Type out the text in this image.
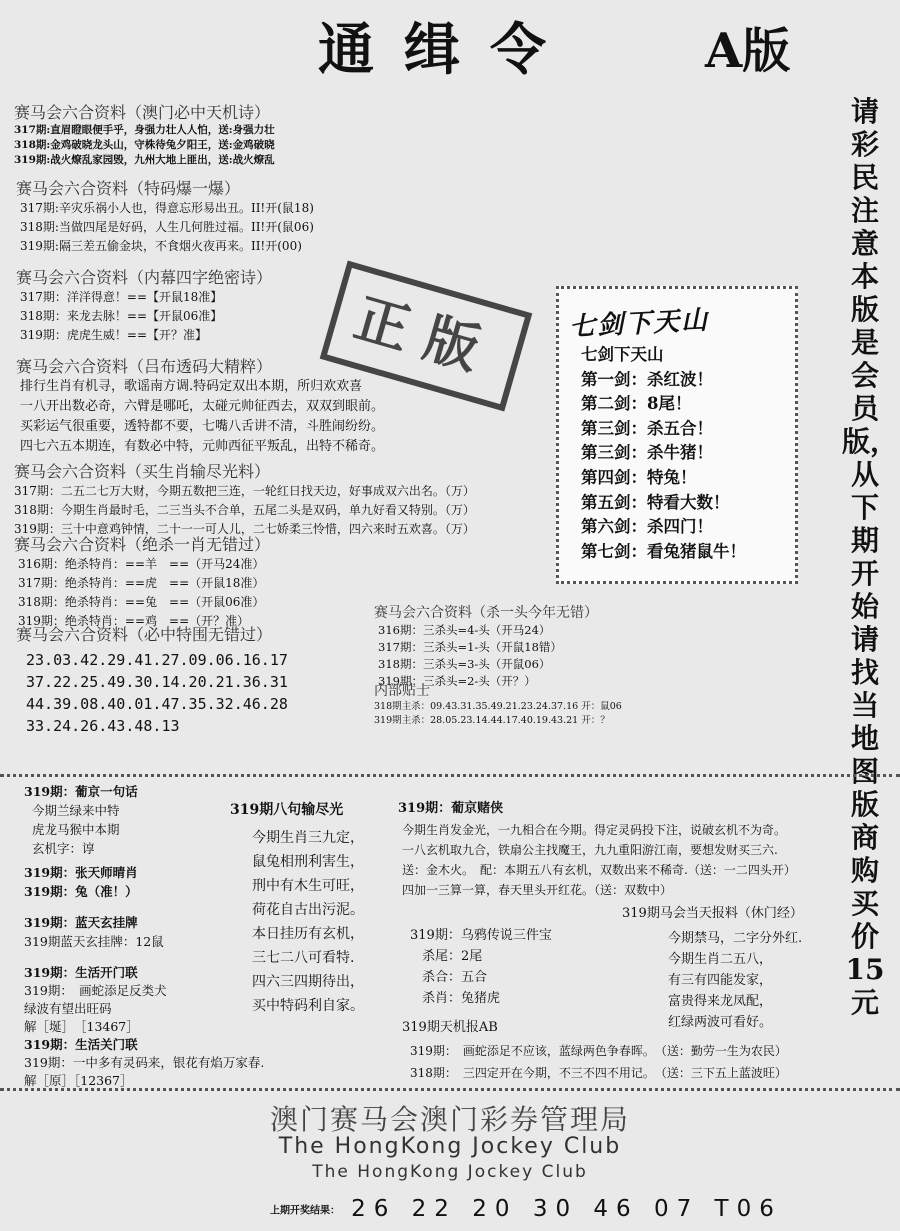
通缉令	A版
请彩民注意本版是会员版，从下期开始请找当地图版商购买价15元
赛马会六合资料（澳门必中天机诗）
317期:直眉瞪眼便手乎，身强力壮人人怕，送:身强力壮
318期:金鸡破晓龙头山，守株待兔夕阳王，送:金鸡破晓
319期:战火燎乱家园毁，九州大地上匪出，送:战火燎乱
赛马会六合资料（特码爆一爆）
317期:辛灾乐祸小人也，得意忘形易出丑。II!开(鼠18)
318期:当做四尾是好码，人生几何胜过福。II!开(鼠06)
319期:隔三差五偷金块，不食烟火夜再来。II!开(00)
赛马会六合资料（内幕四字绝密诗）
317期：洋洋得意！==【开鼠18准】
318期：来龙去脉！==【开鼠06准】
319期：虎虎生威！==【开？准】	正版
赛马会六合资料（吕布透码大精粹）
排行生肖有机寻，歌谣南方调.特码定双出本期，所归欢欢喜
一八开出数必奇，六臂是哪吒，太碰元帅征西去，双双到眼前。
买彩运气很重要，透特都不要，七嘴八舌讲不清，斗胜闹纷纷。
四七六五本期连，有数必中特，元帅西征平叛乱，出特不稀奇。
赛马会六合资料（买生肖输尽光料）
317期：二五二七万大财，今期五数把三连，一轮红日找天边，好事成双六出名。（万）
318期：今期生肖最时毛，二三当头不合单，五尾二头是双码，单九好看又特别。（万）
319期：三十中意鸡钟情，二十一一可人儿，二七娇柔三怜惜，四六来时五欢喜。（万）
赛马会六合资料（绝杀一肖无错过）
316期：绝杀特肖：==羊　==（开马24准）
317期：绝杀特肖：==虎　==（开鼠18准）
318期：绝杀特肖：==兔　==（开鼠06准）
319期：绝杀特肖：==鸡　==（开？准）
赛马会六合资料（必中特围无错过）
23.03.42.29.41.27.09.06.16.17
37.22.25.49.30.14.20.21.36.31
44.39.08.40.01.47.35.32.46.28
33.24.26.43.48.13
七剑下天山
七剑下天山
第一剑：杀红波！
第二剑：8尾！
第三剑：杀五合！
第三剑：杀牛猪！
第四剑：特兔！
第五剑：特看大数！
第六剑：杀四门！
第七剑：看兔猪鼠牛！
赛马会六合资料（杀一头今年无错）
316期：三杀头=4-头（开马24）
317期：三杀头=1-头（开鼠18错）
318期：三杀头=3-头（开鼠06）
319期：三杀头=2-头（开？）
内部贴士
318期主杀：09.43.31.35.49.21.23.24.37.16 开：鼠06
319期主杀：28.05.23.14.44.17.40.19.43.21 开：？
319期：葡京一句话
今期兰绿来中特
虎龙马猴中本期
玄机字：谆
319期：张天师晴肖
319期：兔（准！）
319期：蓝天玄挂牌
319期蓝天玄挂牌：12鼠
319期：生活开门联
319期：　画蛇添足反类犬
绿波有望出旺码
解［埏］　［13467］
319期：生活关门联
319期：一中多有灵码来，银花有焰万家春.
解［原］［12367］
319期八句输尽光
今期生肖三九定，
鼠兔相刑利害生，
刑中有木生可旺，
荷花自古出污泥。
本日挂历有玄机，
三七二八可看特.
四六三四期待出，
买中特码利自家。
319期：葡京赌侠
今期生肖发金光，一九相合在今期。得定灵码投下注，说破玄机不为奇。
一八玄机取九合，铁扇公主找魔王，九九重阳游江南，要想发财买三六.
送：金木火。　配：本期五八有玄机，双数出来不稀奇.（送：一二四头开）
四加一三算一算，春天里头开红花。（送：双数中）
319期：乌鸦传说三件宝
杀尾：2尾
杀合：五合
杀肖：兔猪虎
319期马会当天报料（休门经）
今期禁马，二字分外红.
今期生肖二五八，
有三有四能发家，
富贵得来龙凤配，
红绿两波可看好。
319期天机报AB
319期：　画蛇添足不应该，蓝绿两色争春晖。　（送：勤劳一生为农民）
318期：　三四定开在今期，不三不四不用记。　（送：三下五上蓝波旺）
澳门赛马会澳门彩券管理局
The HongKong Jockey Club
The HongKong Jockey Club
上期开奖结果： 26 22 20 30 46 07 T06
